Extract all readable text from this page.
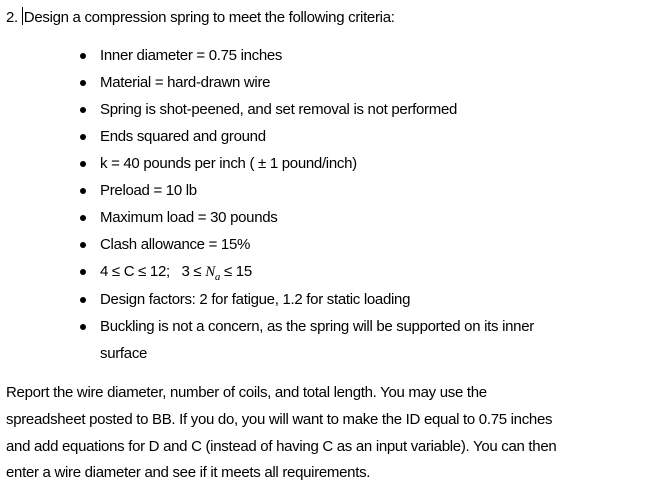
2. Design a compression spring to meet the following criteria:
Inner diameter = 0.75 inches
Material = hard-drawn wire
Spring is shot-peened, and set removal is not performed
Ends squared and ground
k = 40 pounds per inch ( ± 1 pound/inch)
Preload = 10 lb
Maximum load = 30 pounds
Clash allowance = 15%
4 ≤ C ≤ 12;   $3 \le N_a \le 15$
Design factors: 2 for fatigue, 1.2 for static loading
Buckling is not a concern, as the spring will be supported on its inner
surface
Report the wire diameter, number of coils, and total length. You may use the
spreadsheet posted to BB. If you do, you will want to make the ID equal to 0.75 inches
and add equations for D and C (instead of having C as an input variable). You can then
enter a wire diameter and see if it meets all requirements.
